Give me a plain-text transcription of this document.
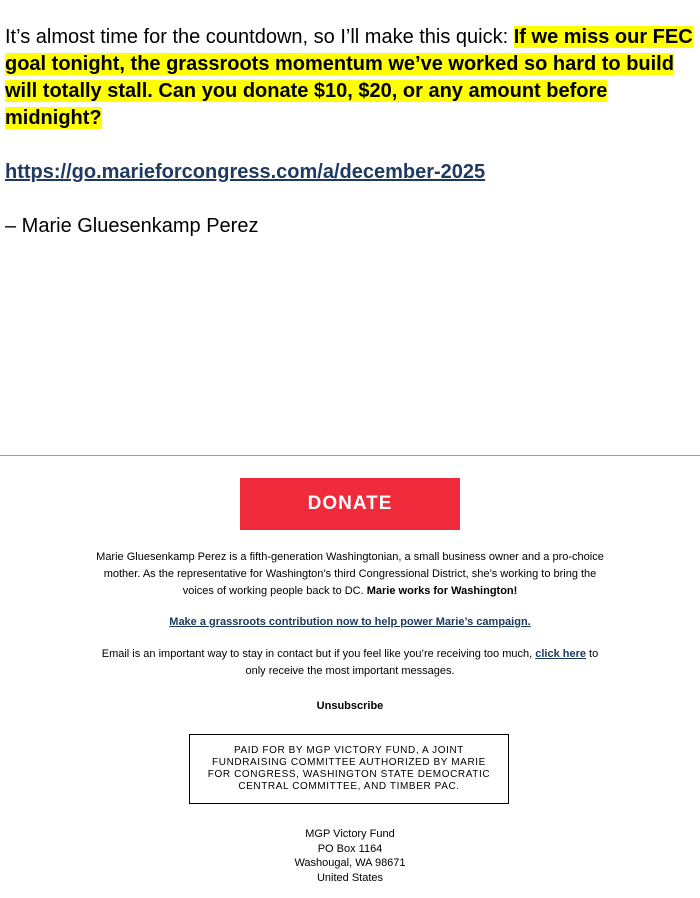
It’s almost time for the countdown, so I’ll make this quick: If we miss our FEC goal tonight, the grassroots momentum we’ve worked so hard to build will totally stall. Can you donate $10, $20, or any amount before midnight?

https://go.marieforcongress.com/a/december-2025

– Marie Gluesenkamp Perez

DONATE

Marie Gluesenkamp Perez is a fifth-generation Washingtonian, a small business owner and a pro-choice mother. As the representative for Washington’s third Congressional District, she’s working to bring the voices of working people back to DC. Marie works for Washington!

Make a grassroots contribution now to help power Marie’s campaign.

Email is an important way to stay in contact but if you feel like you’re receiving too much, click here to only receive the most important messages.

Unsubscribe

PAID FOR BY MGP VICTORY FUND, A JOINT FUNDRAISING COMMITTEE AUTHORIZED BY MARIE FOR CONGRESS, WASHINGTON STATE DEMOCRATIC CENTRAL COMMITTEE, AND TIMBER PAC.

MGP Victory Fund

PO Box 1164

Washougal, WA 98671

United States
